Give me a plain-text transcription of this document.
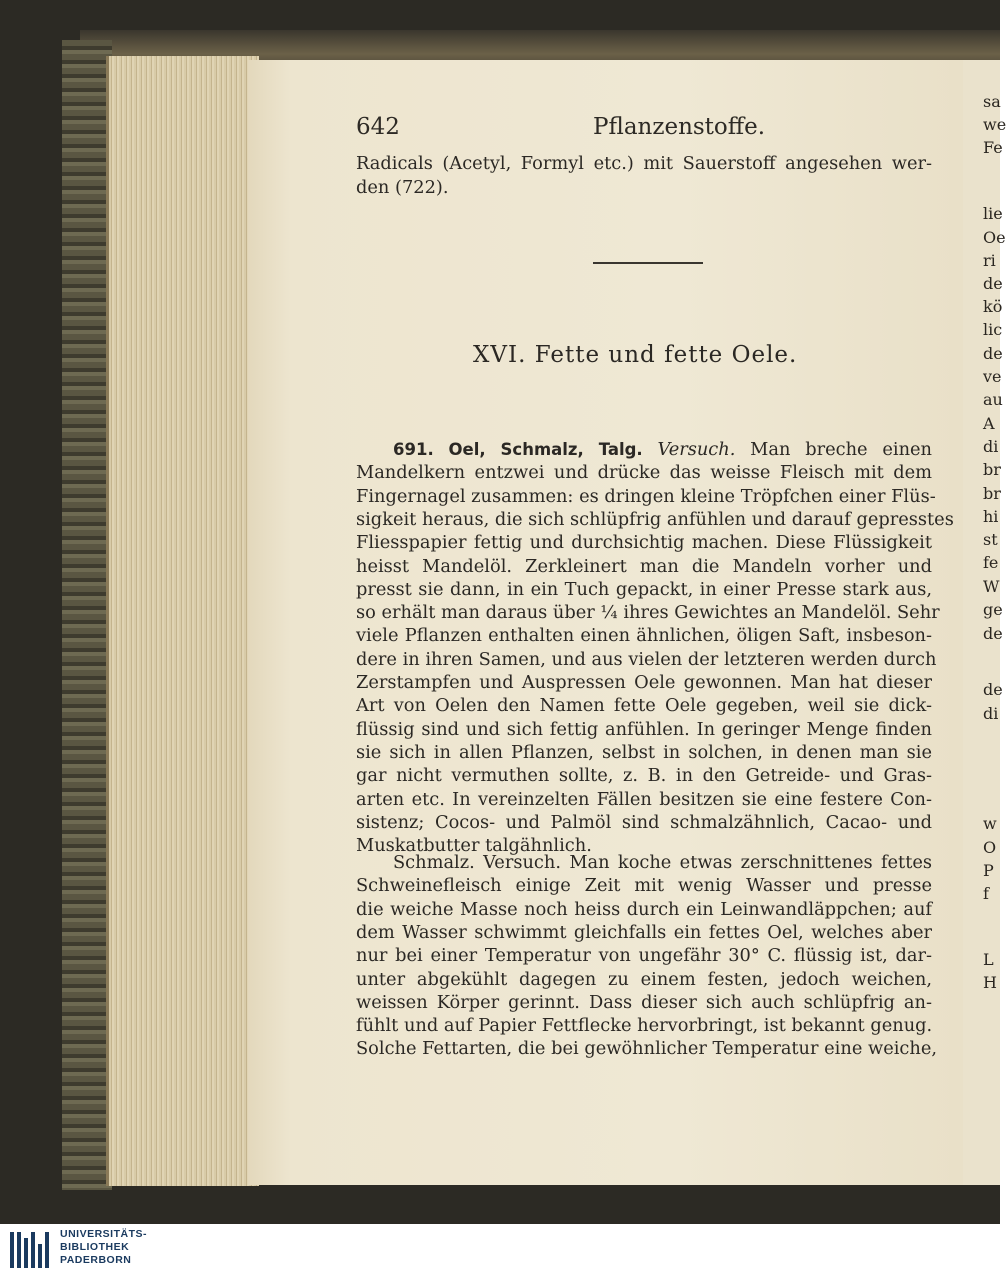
sa
we
Fe
lie
Oe
ri
de
kö
lic
de
ve
au
A
di
br
br
hi
st
fe
W
ge
de
de
di
w
O
P
f
L
H
642	Pflanzenstoffe.
Radicals (Acetyl, Formyl etc.) mit Sauerstoff angesehen wer-
den (722).
XVI. Fette und fette Oele.
691. Oel, Schmalz, Talg. Versuch. Man breche einen
UNIVERSITÄTS-
BIBLIOTHEK
PADERBORN
Mandelkern entzwei und drücke das weisse Fleisch mit dem
Fingernagel zusammen: es dringen kleine Tröpfchen einer Flüs-
sigkeit heraus, die sich schlüpfrig anfühlen und darauf gepresstes
Fliesspapier fettig und durchsichtig machen. Diese Flüssigkeit
heisst Mandelöl. Zerkleinert man die Mandeln vorher und
presst sie dann, in ein Tuch gepackt, in einer Presse stark aus,
so erhält man daraus über ¼ ihres Gewichtes an Mandelöl. Sehr
viele Pflanzen enthalten einen ähnlichen, öligen Saft, insbeson-
dere in ihren Samen, und aus vielen der letzteren werden durch
Zerstampfen und Auspressen Oele gewonnen. Man hat dieser
Art von Oelen den Namen fette Oele gegeben, weil sie dick-
flüssig sind und sich fettig anfühlen. In geringer Menge finden
sie sich in allen Pflanzen, selbst in solchen, in denen man sie
gar nicht vermuthen sollte, z. B. in den Getreide- und Gras-
arten etc. In vereinzelten Fällen besitzen sie eine festere Con-
sistenz; Cocos- und Palmöl sind schmalzähnlich, Cacao- und
Muskatbutter talgähnlich.
Schmalz. Versuch. Man koche etwas zerschnittenes fettes
Schweinefleisch einige Zeit mit wenig Wasser und presse
die weiche Masse noch heiss durch ein Leinwandläppchen; auf
dem Wasser schwimmt gleichfalls ein fettes Oel, welches aber
nur bei einer Temperatur von ungefähr 30° C. flüssig ist, dar-
unter abgekühlt dagegen zu einem festen, jedoch weichen,
weissen Körper gerinnt. Dass dieser sich auch schlüpfrig an-
fühlt und auf Papier Fettflecke hervorbringt, ist bekannt genug.
Solche Fettarten, die bei gewöhnlicher Temperatur eine weiche,
